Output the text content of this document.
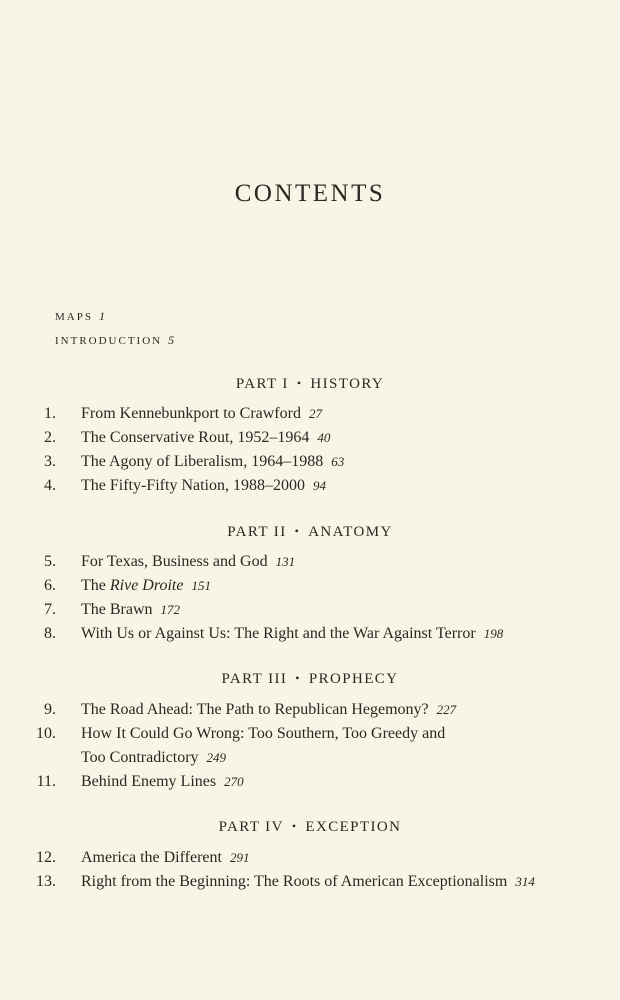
CONTENTS
MAPS 1
INTRODUCTION 5
PART I • HISTORY
1. From Kennebunkport to Crawford 27
2. The Conservative Rout, 1952–1964 40
3. The Agony of Liberalism, 1964–1988 63
4. The Fifty-Fifty Nation, 1988–2000 94
PART II • ANATOMY
5. For Texas, Business and God 131
6. The Rive Droite 151
7. The Brawn 172
8. With Us or Against Us: The Right and the War Against Terror 198
PART III • PROPHECY
9. The Road Ahead: The Path to Republican Hegemony? 227
10. How It Could Go Wrong: Too Southern, Too Greedy and
Too Contradictory 249
11. Behind Enemy Lines 270
PART IV • EXCEPTION
12. America the Different 291
13. Right from the Beginning: The Roots of American Exceptionalism 314
